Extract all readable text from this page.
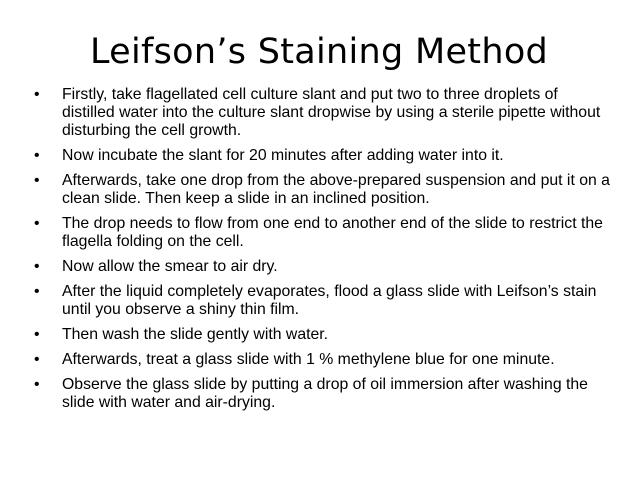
Leifson’s Staining Method
•	Firstly, take flagellated cell culture slant and put two to three droplets of distilled water into the culture slant dropwise by using a sterile pipette without disturbing the cell growth.
•	Now incubate the slant for 20 minutes after adding water into it.
•	Afterwards, take one drop from the above-prepared suspension and put it on a clean slide. Then keep a slide in an inclined position.
•	The drop needs to flow from one end to another end of the slide to restrict the flagella folding on the cell.
•	Now allow the smear to air dry.
•	After the liquid completely evaporates, flood a glass slide with Leifson’s stain until you observe a shiny thin film.
•	Then wash the slide gently with water.
•	Afterwards, treat a glass slide with 1 % methylene blue for one minute.
•	Observe the glass slide by putting a drop of oil immersion after washing the slide with water and air-drying.
